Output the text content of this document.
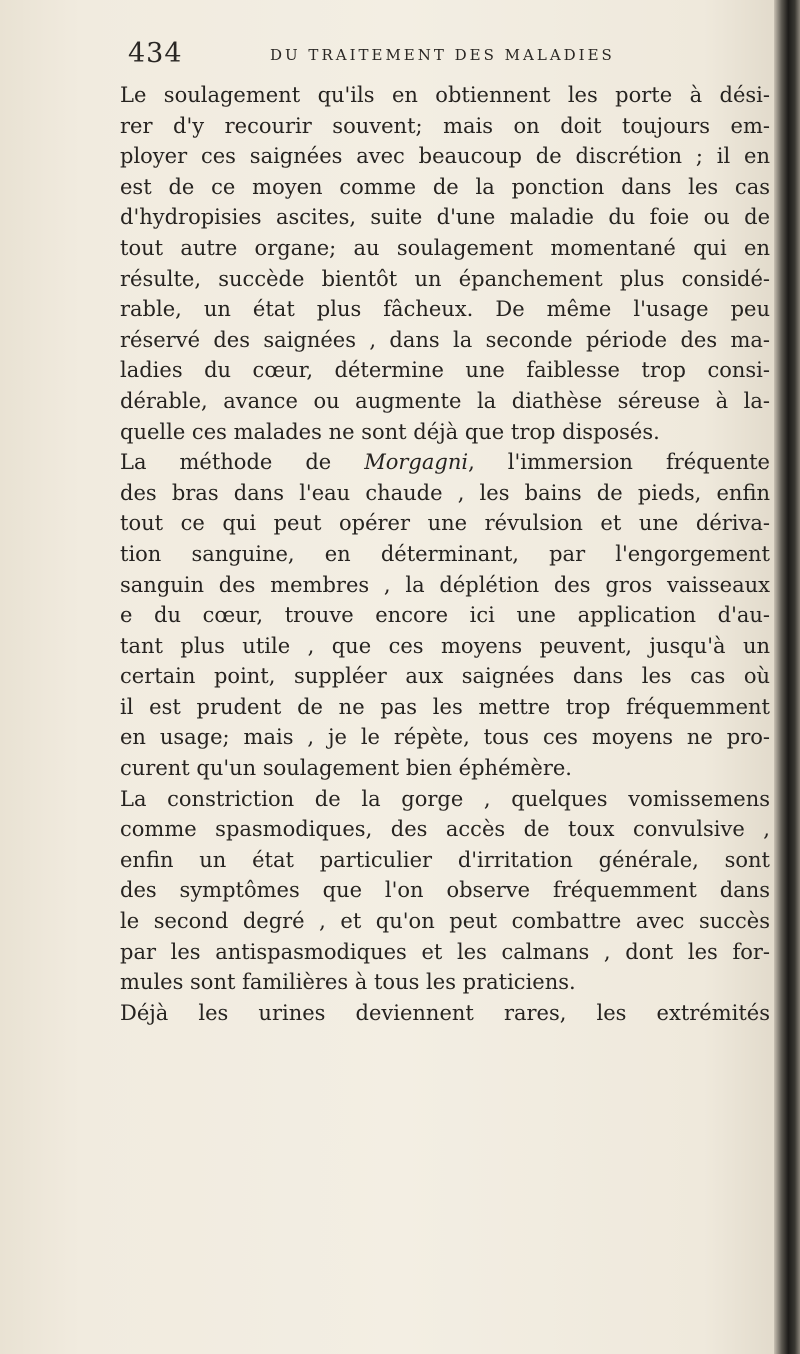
434	DU TRAITEMENT DES MALADIES
Le soulagement qu'ils en obtiennent les porte à dési-
rer d'y recourir souvent; mais on doit toujours em-
ployer ces saignées avec beaucoup de discrétion ; il en
est de ce moyen comme de la ponction dans les cas
d'hydropisies ascites, suite d'une maladie du foie ou de
tout autre organe; au soulagement momentané qui en
résulte, succède bientôt un épanchement plus considé-
rable, un état plus fâcheux. De même l'usage peu
réservé des saignées , dans la seconde période des ma-
ladies du cœur, détermine une faiblesse trop consi-
dérable, avance ou augmente la diathèse séreuse à la-
quelle ces malades ne sont déjà que trop disposés.
La méthode de Morgagni, l'immersion fréquente
des bras dans l'eau chaude , les bains de pieds, enfin
tout ce qui peut opérer une révulsion et une dériva-
tion sanguine, en déterminant, par l'engorgement
sanguin des membres , la déplétion des gros vaisseaux
e du cœur, trouve encore ici une application d'au-
tant plus utile , que ces moyens peuvent, jusqu'à un
certain point, suppléer aux saignées dans les cas où
il est prudent de ne pas les mettre trop fréquemment
en usage; mais , je le répète, tous ces moyens ne pro-
curent qu'un soulagement bien éphémère.
La constriction de la gorge , quelques vomissemens
comme spasmodiques, des accès de toux convulsive ,
enfin un état particulier d'irritation générale, sont
des symptômes que l'on observe fréquemment dans
le second degré , et qu'on peut combattre avec succès
par les antispasmodiques et les calmans , dont les for-
mules sont familières à tous les praticiens.
Déjà les urines deviennent rares, les extrémités
